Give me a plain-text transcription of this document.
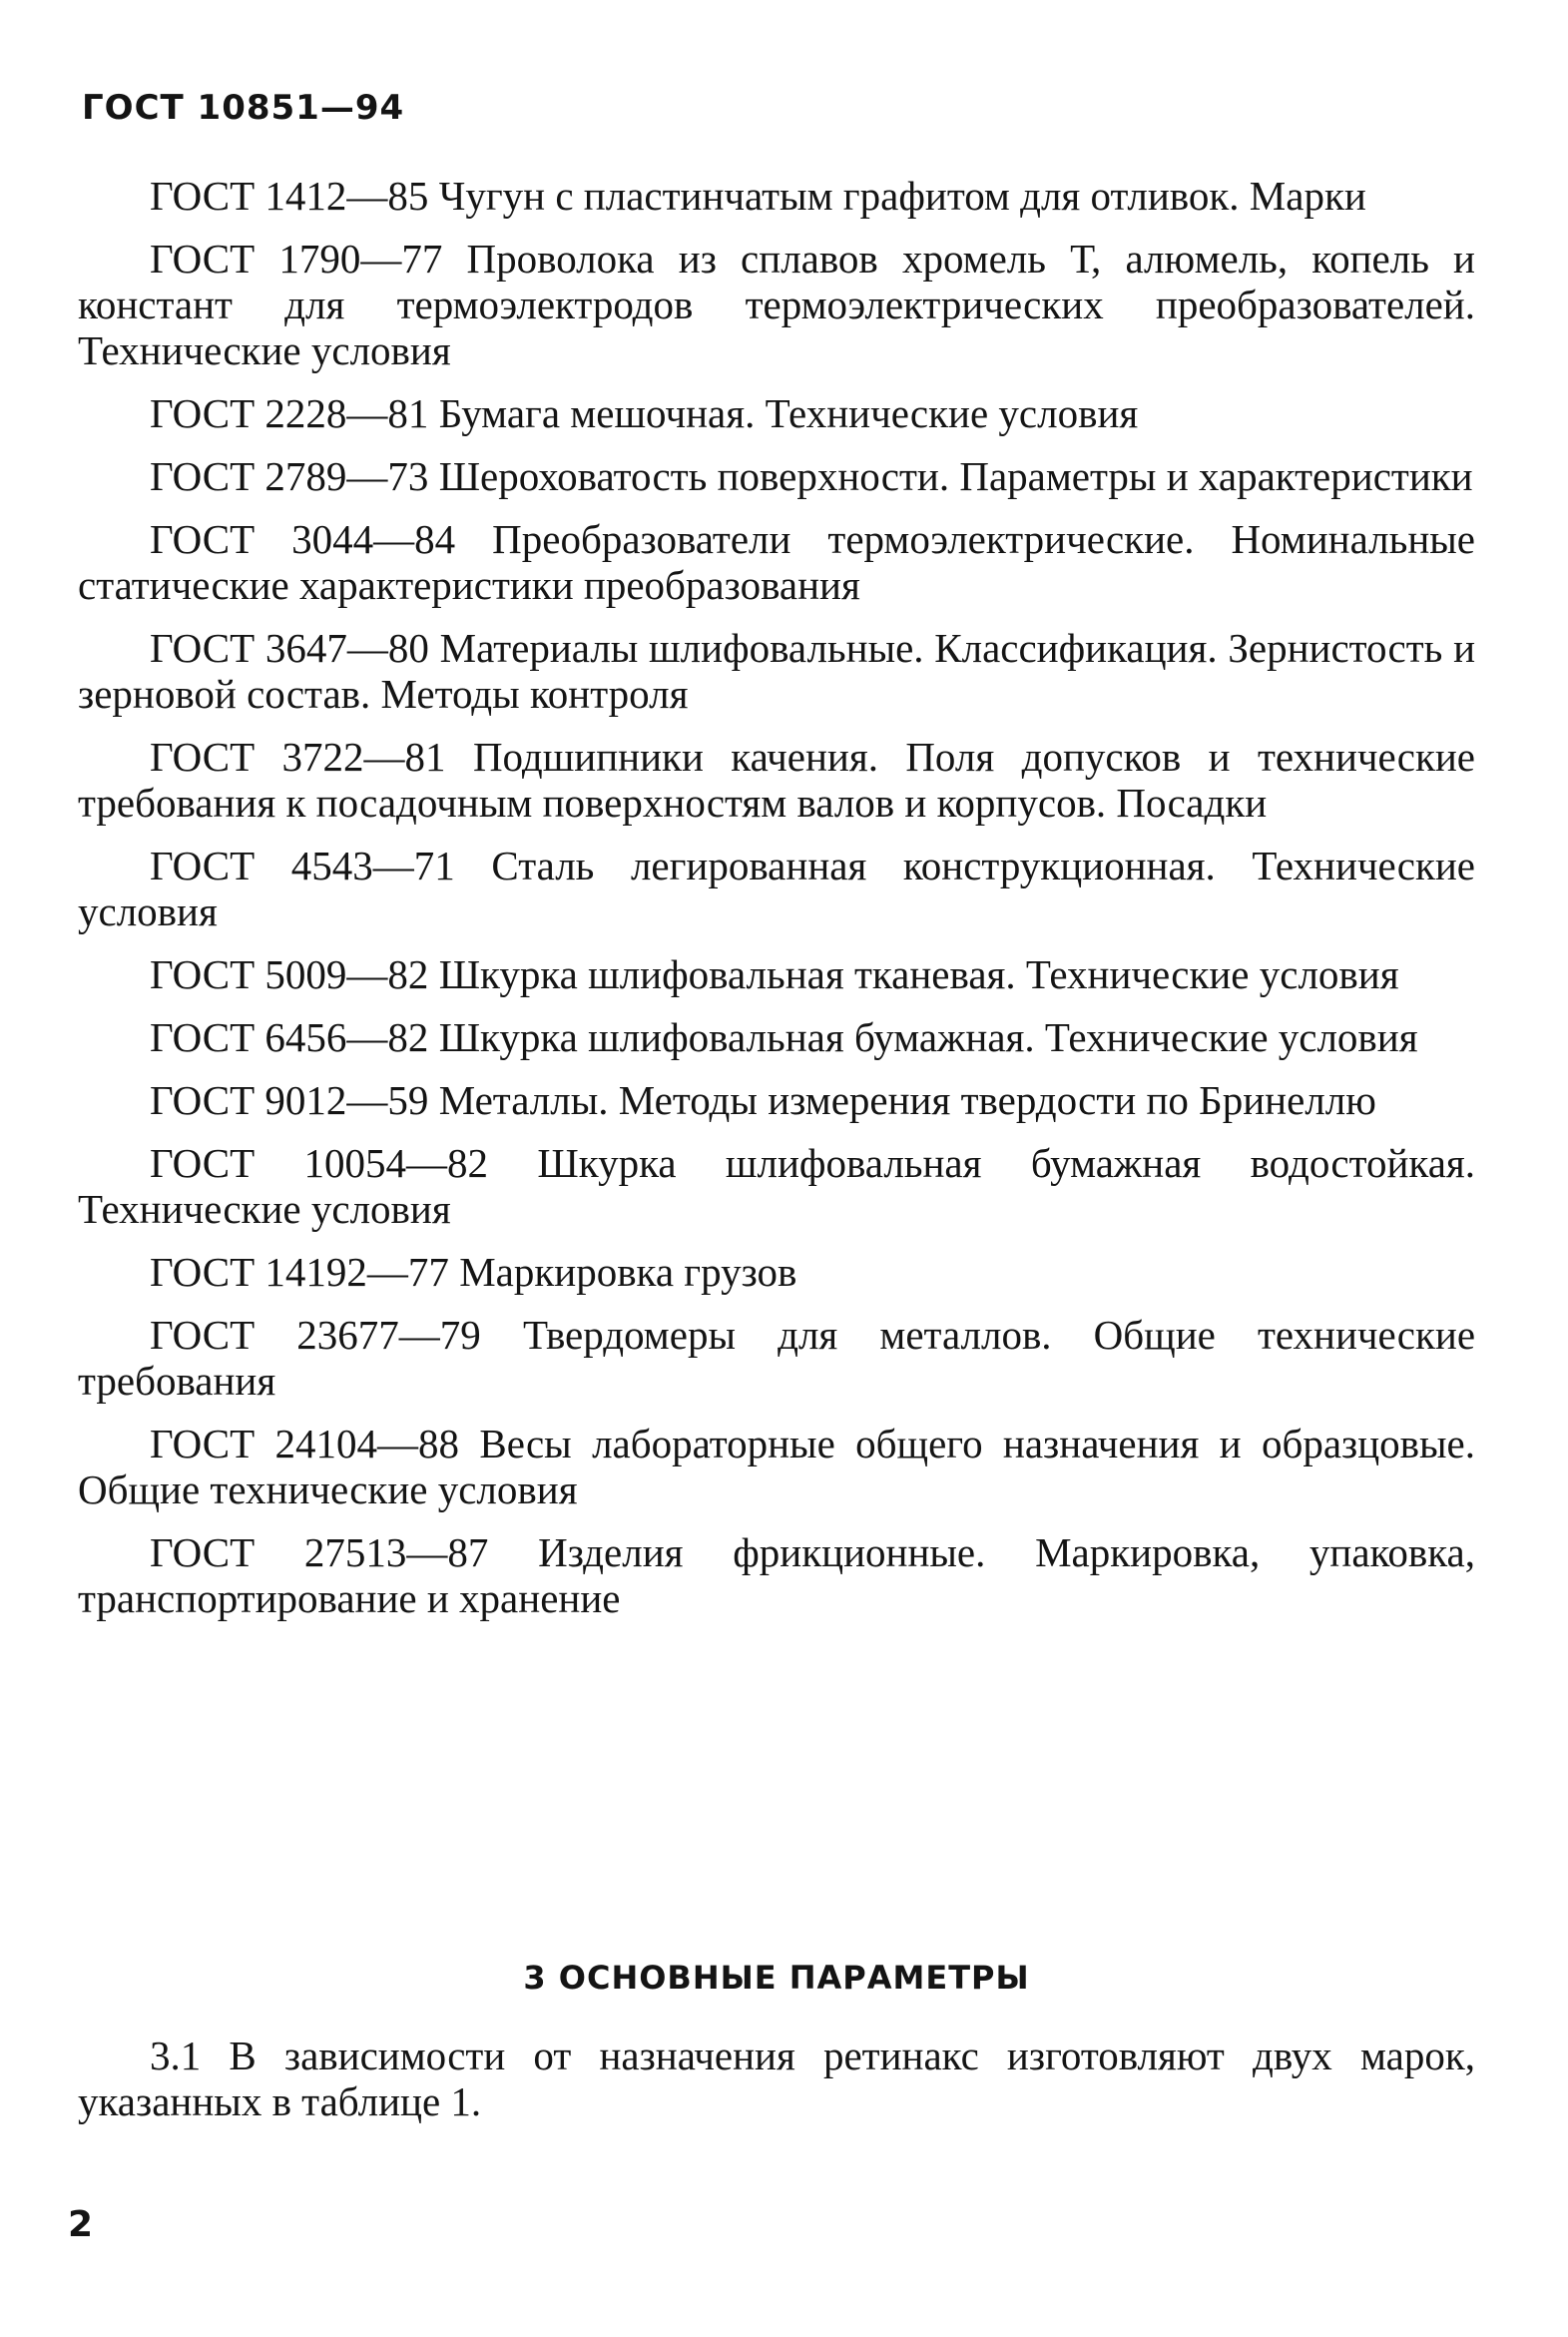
ГОСТ 10851—94
ГОСТ 1412—85 Чугун с пластинчатым графитом для отливок. Марки
ГОСТ 1790—77 Проволока из сплавов хромель Т, алюмель, копель и констант для термоэлектродов термоэлектрических преобразователей. Технические условия
ГОСТ 2228—81 Бумага мешочная. Технические условия
ГОСТ 2789—73 Шероховатость поверхности. Параметры и характеристики
ГОСТ 3044—84 Преобразователи термоэлектрические. Номинальные статические характеристики преобразования
ГОСТ 3647—80 Материалы шлифовальные. Классификация. Зернистость и зерновой состав. Методы контроля
ГОСТ 3722—81 Подшипники качения. Поля допусков и технические требования к посадочным поверхностям валов и корпусов. Посадки
ГОСТ 4543—71 Сталь легированная конструкционная. Технические условия
ГОСТ 5009—82 Шкурка шлифовальная тканевая. Технические условия
ГОСТ 6456—82 Шкурка шлифовальная бумажная. Технические условия
ГОСТ 9012—59 Металлы. Методы измерения твердости по Бринеллю
ГОСТ 10054—82 Шкурка шлифовальная бумажная водостойкая. Технические условия
ГОСТ 14192—77 Маркировка грузов
ГОСТ 23677—79 Твердомеры для металлов. Общие технические требования
ГОСТ 24104—88 Весы лабораторные общего назначения и образцовые. Общие технические условия
ГОСТ 27513—87 Изделия фрикционные. Маркировка, упаковка, транспортирование и хранение
3 ОСНОВНЫЕ ПАРАМЕТРЫ

3.1 В зависимости от назначения ретинакс изготовляют двух марок, указанных в таблице 1.

2
